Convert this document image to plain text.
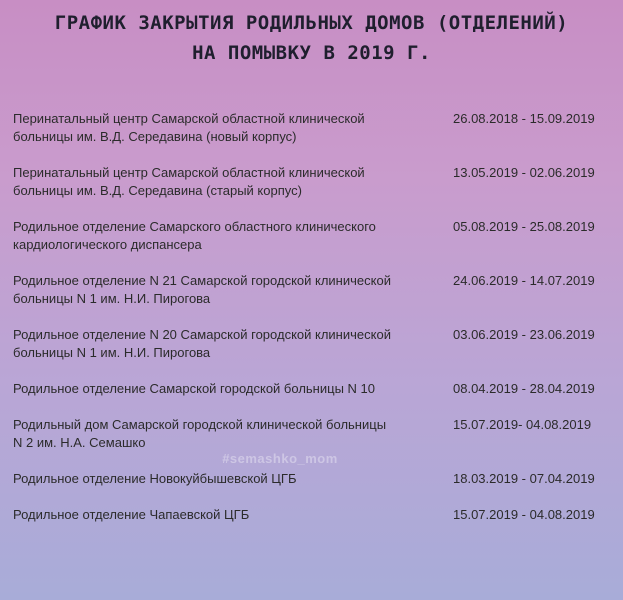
ГРАФИК ЗАКРЫТИЯ РОДИЛЬНЫХ ДОМОВ (ОТДЕЛЕНИЙ)
НА ПОМЫВКУ В 2019 Г.
Перинатальный центр Самарской областной клинической
больницы им. В.Д. Середавина (новый корпус)
26.08.2018 - 15.09.2019
Перинатальный центр Самарской областной клинической
больницы им. В.Д. Середавина (старый корпус)
13.05.2019 - 02.06.2019
Родильное отделение Самарского областного клинического
кардиологического диспансера
05.08.2019 - 25.08.2019
Родильное отделение N 21 Самарской городской клинической
больницы N 1 им. Н.И. Пирогова
24.06.2019 - 14.07.2019
Родильное отделение N 20 Самарской городской клинической
больницы N 1 им. Н.И. Пирогова
03.06.2019 - 23.06.2019
Родильное отделение Самарской городской больницы N 10	08.04.2019 - 28.04.2019
Родильный дом Самарской городской клинической больницы
N 2 им. Н.А. Семашко
15.07.2019- 04.08.2019
Родильное отделение Новокуйбышевской ЦГБ	18.03.2019 - 07.04.2019
Родильное отделение Чапаевской ЦГБ	15.07.2019 - 04.08.2019
#semashko_mom
